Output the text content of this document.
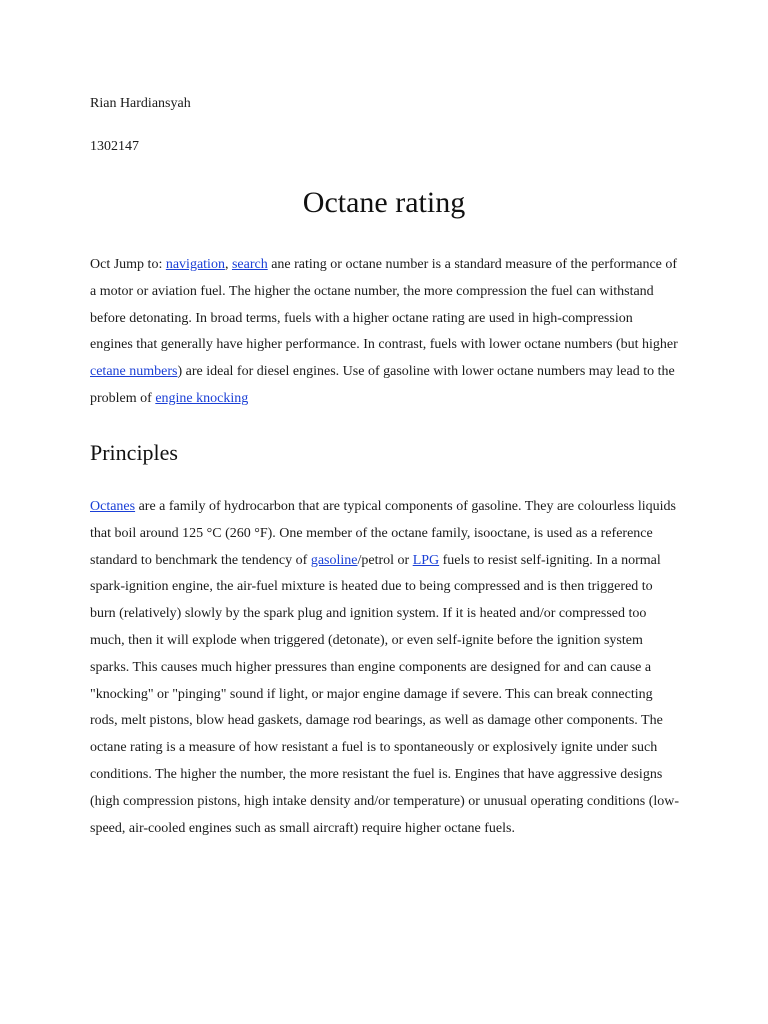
Rian Hardiansyah

1302147

Octane rating

Oct Jump to: navigation, search ane rating or octane number is a standard measure of the performance of a motor or aviation fuel. The higher the octane number, the more compression the fuel can withstand before detonating. In broad terms, fuels with a higher octane rating are used in high-compression engines that generally have higher performance. In contrast, fuels with lower octane numbers (but higher cetane numbers) are ideal for diesel engines. Use of gasoline with lower octane numbers may lead to the problem of engine knocking

Principles

Octanes are a family of hydrocarbon that are typical components of gasoline. They are colourless liquids that boil around 125 °C (260 °F). One member of the octane family, isooctane, is used as a reference standard to benchmark the tendency of gasoline/petrol or LPG fuels to resist self-igniting. In a normal spark-ignition engine, the air-fuel mixture is heated due to being compressed and is then triggered to burn (relatively) slowly by the spark plug and ignition system. If it is heated and/or compressed too much, then it will explode when triggered (detonate), or even self-ignite before the ignition system sparks. This causes much higher pressures than engine components are designed for and can cause a "knocking" or "pinging" sound if light, or major engine damage if severe. This can break connecting rods, melt pistons, blow head gaskets, damage rod bearings, as well as damage other components. The octane rating is a measure of how resistant a fuel is to spontaneously or explosively ignite under such conditions. The higher the number, the more resistant the fuel is. Engines that have aggressive designs (high compression pistons, high intake density and/or temperature) or unusual operating conditions (low-speed, air-cooled engines such as small aircraft) require higher octane fuels.
